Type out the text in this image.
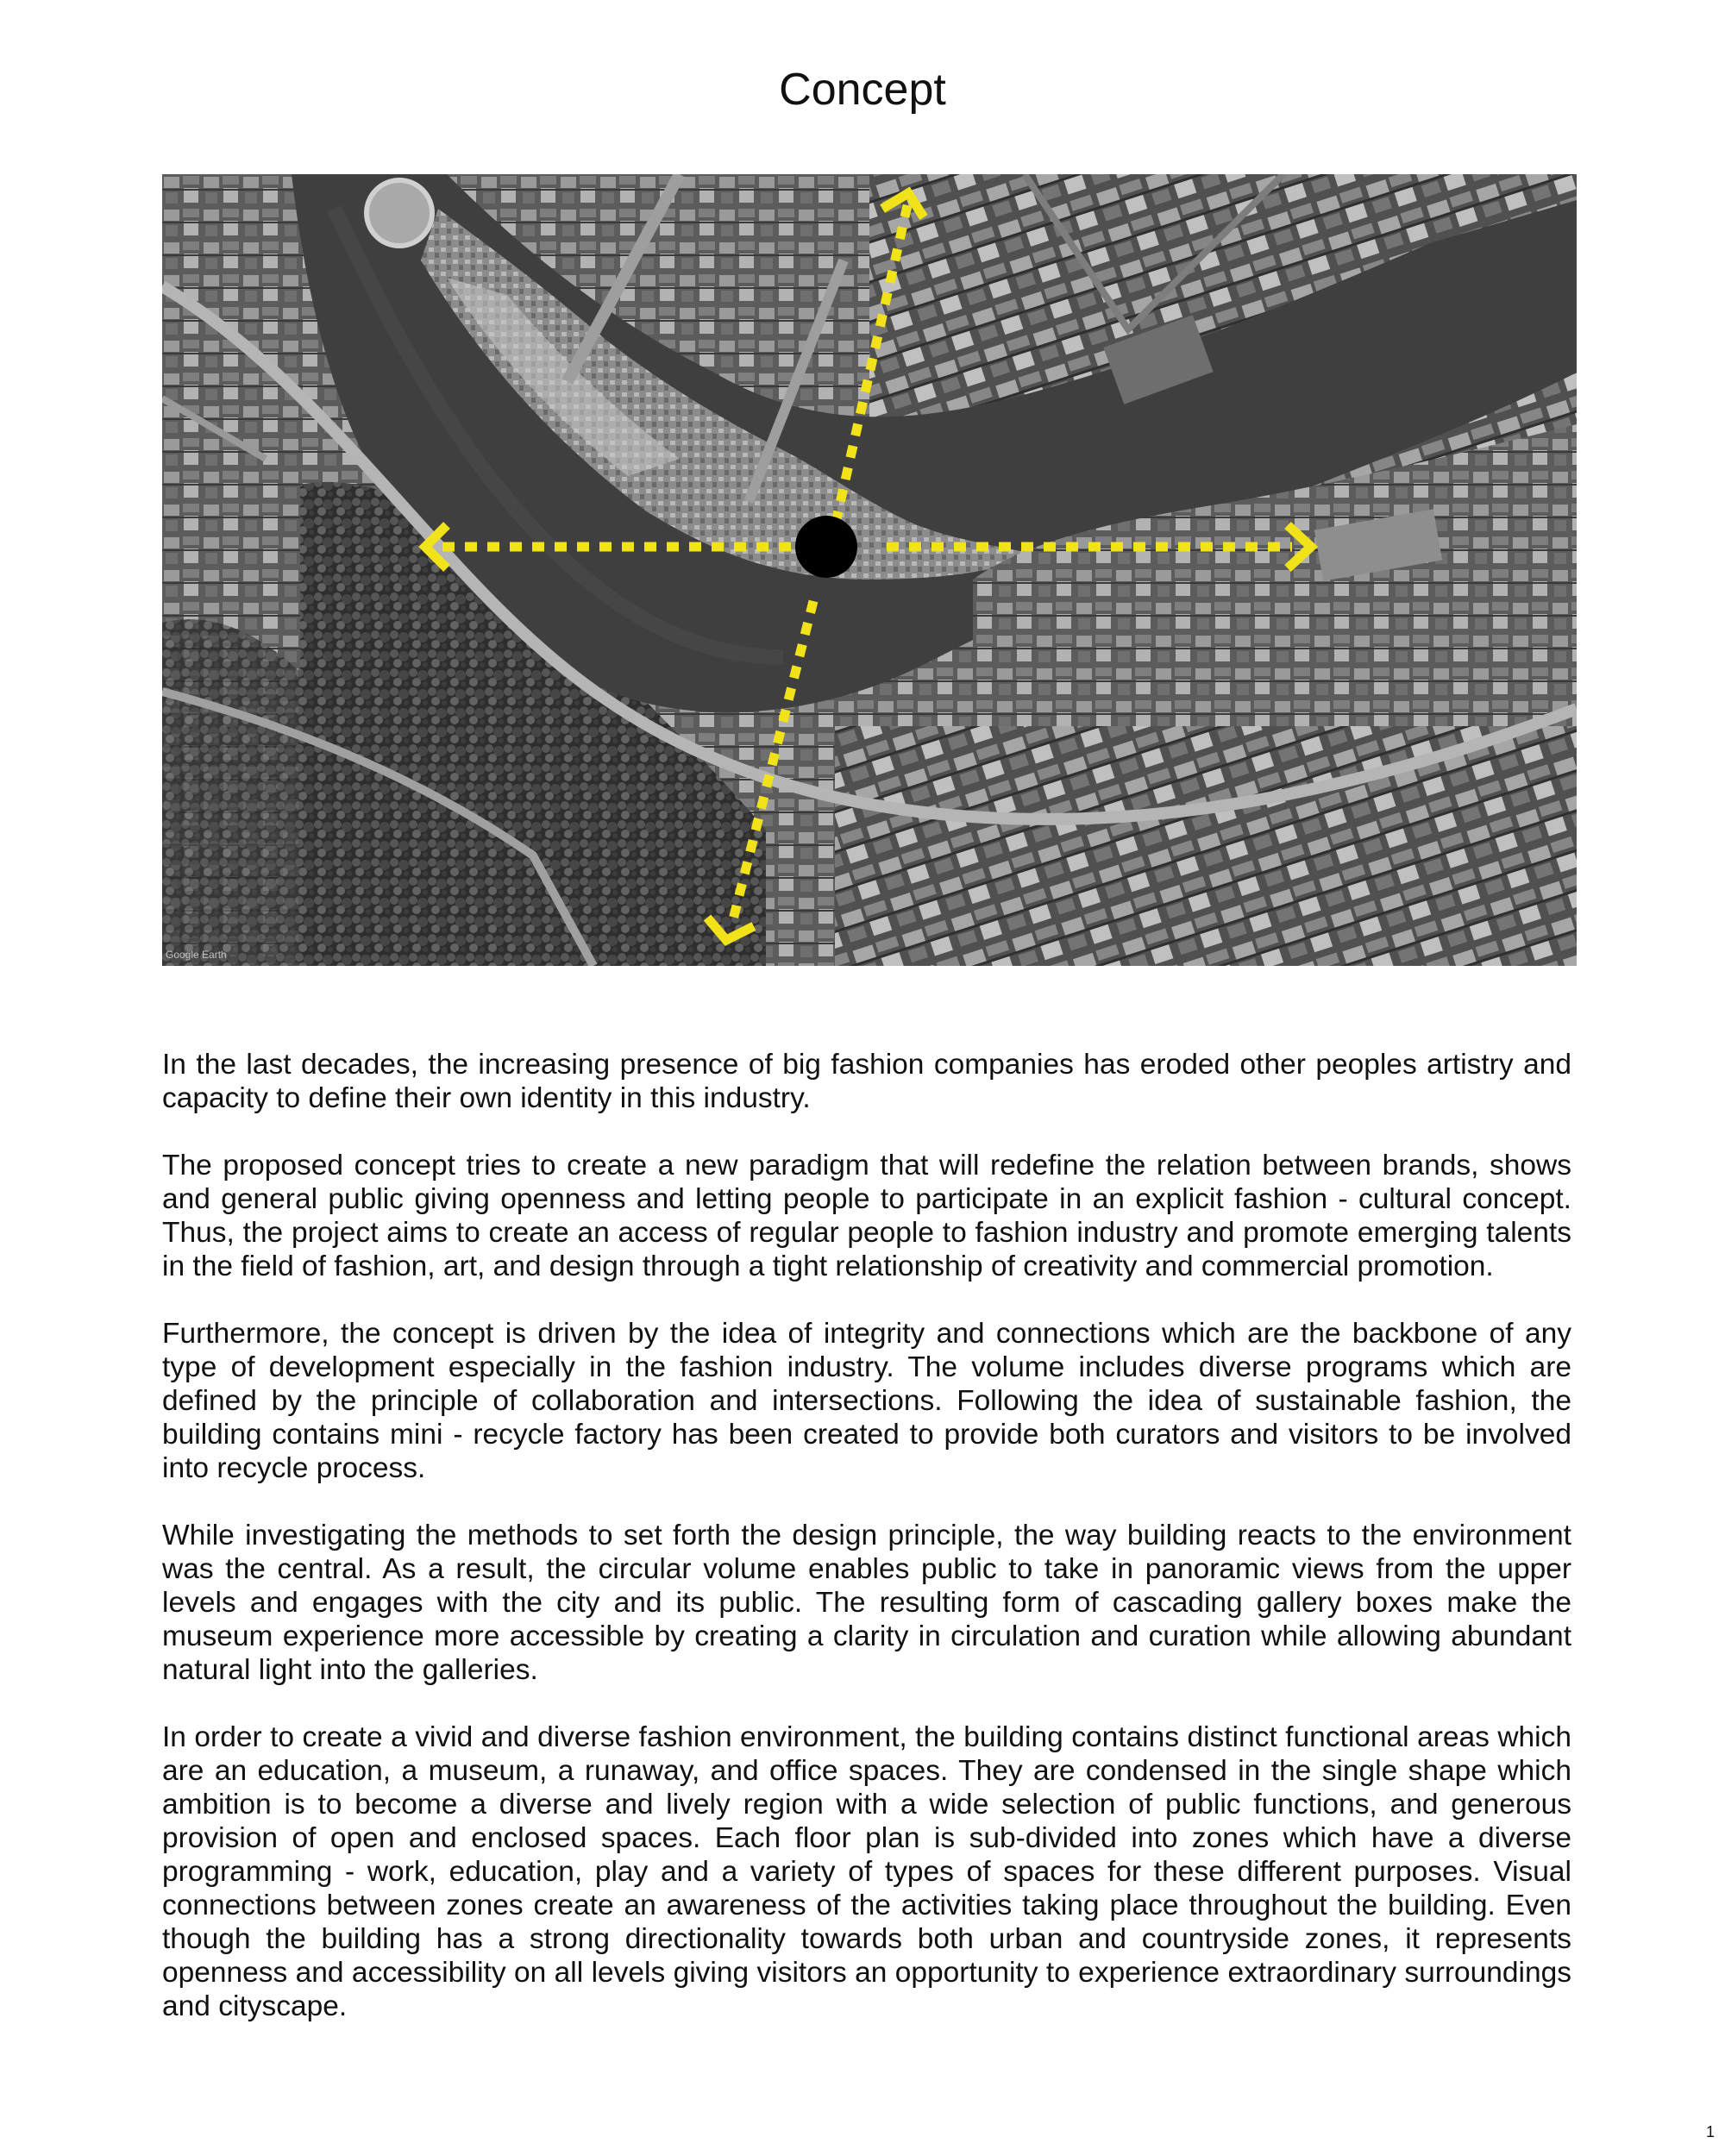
Concept
Google Earth

In the last decades, the increasing presence of big fashion companies has eroded other peoples artistry and capacity to define their own identity in this industry.

The proposed concept tries to create a new paradigm that will redefine the relation between brands, shows and general public giving openness and letting people to participate in an explicit fashion - cultural concept. Thus, the project aims to create an access of regular people to fashion industry and promote emerging talents in the field of fashion, art, and design through a tight relationship of creativity and commercial promotion.

Furthermore, the concept is driven by the idea of integrity and connections which are the backbone of any type of development especially in the fashion industry. The volume includes diverse programs which are defined by the principle of collaboration and intersections. Following the idea of sustainable fashion, the building contains mini - recycle factory has been created to provide both curators and visitors to be involved into recycle process.

While investigating the methods to set forth the design principle, the way building reacts to the environment was the central. As a result, the circular volume enables public to take in panoramic views from the upper levels and engages with the city and its public. The resulting form of cascading gallery boxes make the museum experience more accessible by creating a clarity in circulation and curation while allowing abundant natural light into the galleries.

In order to create a vivid and diverse fashion environment, the building contains distinct functional areas which are an education, a museum, a runaway, and office spaces. They are condensed in the single shape which ambition is to become a diverse and lively region with a wide selection of public functions, and generous provision of open and enclosed spaces. Each floor plan is sub-divided into zones which have a diverse programming - work, education, play and a variety of types of spaces for these different purposes. Visual connections between zones create an awareness of the activities taking place throughout the building. Even though the building has a strong directionality towards both urban and countryside zones, it represents openness and accessibility on all levels giving visitors an opportunity to experience extraordinary surroundings and cityscape.

1
